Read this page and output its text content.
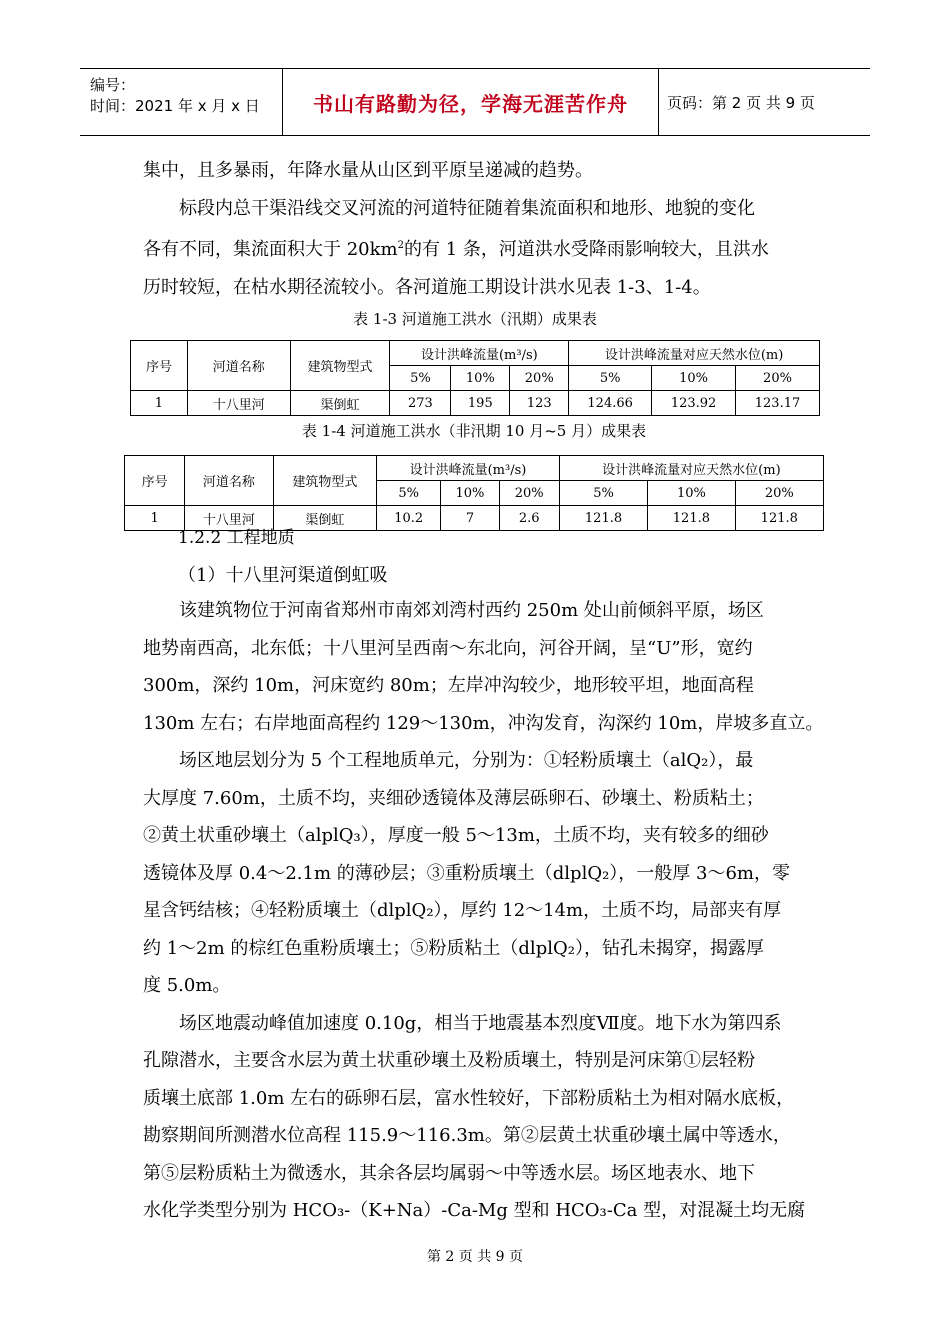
编号：
时间：2021 年 x 月 x 日	书山有路勤为径，学海无涯苦作舟	页码：第 2 页 共 9 页

集中，且多暴雨，年降水量从山区到平原呈递减的趋势。

标段内总干渠沿线交叉河流的河道特征随着集流面积和地形、地貌的变化

各有不同，集流面积大于 $20km^2$的有 1 条，河道洪水受降雨影响较大，且洪水

历时较短，在枯水期径流较小。各河道施工期设计洪水见表 1-3、1-4。

表 1-3 河道施工洪水（汛期）成果表

序号	河道名称	建筑物型式	设计洪峰流量(m³/s)			设计洪峰流量对应天然水位(m)		
			5%	10%	20%	5%	10%	20%
1	十八里河	渠倒虹	273	195	123	124.66	123.92	123.17

表 1-4 河道施工洪水（非汛期 10 月~5 月）成果表

序号	河道名称	建筑物型式	设计洪峰流量(m³/s)			设计洪峰流量对应天然水位(m)		
			5%	10%	20%	5%	10%	20%
1	十八里河	渠倒虹	10.2	7	2.6	121.8	121.8	121.8
1.2.2 工程地质
（1）十八里河渠道倒虹吸

该建筑物位于河南省郑州市南郊刘湾村西约 250m 处山前倾斜平原，场区

地势南西高，北东低；十八里河呈西南～东北向，河谷开阔，呈“U”形，宽约

300m，深约 10m，河床宽约 80m；左岸冲沟较少，地形较平坦，地面高程

130m 左右；右岸地面高程约 129～130m，冲沟发育，沟深约 10m，岸坡多直立。

场区地层划分为 5 个工程地质单元，分别为：①轻粉质壤土（alQ₂），最

大厚度 7.60m，土质不均，夹细砂透镜体及薄层砾卵石、砂壤土、粉质粘土；

②黄土状重砂壤土（alplQ₃），厚度一般 5～13m，土质不均，夹有较多的细砂

透镜体及厚 0.4～2.1m 的薄砂层；③重粉质壤土（dlplQ₂），一般厚 3～6m，零

星含钙结核；④轻粉质壤土（dlplQ₂），厚约 12～14m，土质不均，局部夹有厚

约 1～2m 的棕红色重粉质壤土；⑤粉质粘土（dlplQ₂），钻孔未揭穿，揭露厚

度 5.0m。

场区地震动峰值加速度 0.10g，相当于地震基本烈度Ⅶ度。地下水为第四系

孔隙潜水，主要含水层为黄土状重砂壤土及粉质壤土，特别是河床第①层轻粉

质壤土底部 1.0m 左右的砾卵石层，富水性较好，下部粉质粘土为相对隔水底板，

勘察期间所测潜水位高程 115.9～116.3m。第②层黄土状重砂壤土属中等透水，

第⑤层粉质粘土为微透水，其余各层均属弱～中等透水层。场区地表水、地下

水化学类型分别为 HCO₃-（K+Na）-Ca-Mg 型和 HCO₃-Ca 型，对混凝土均无腐

第 2 页 共 9 页
